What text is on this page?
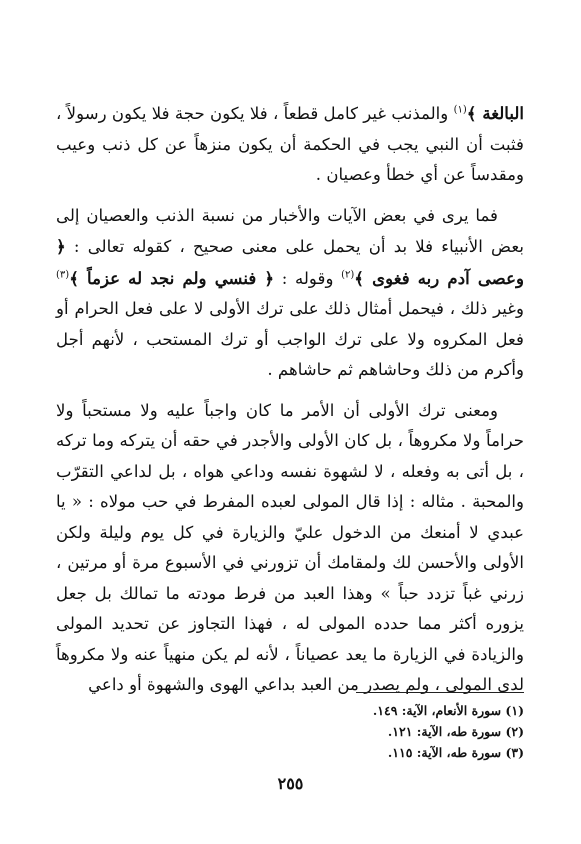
البالغة ﴾$^{(١)}$ والمذنب غير كامل قطعاً ، فلا يكون حجة فلا يكون رسولاً ، فثبت أن النبي يجب في الحكمة أن يكون منزهاً عن كل ذنب وعيب ومقدساً عن أي خطأ وعصيان .

فما يرى في بعض الآيات والأخبار من نسبة الذنب والعصيان إلى بعض الأنبياء فلا بد أن يحمل على معنى صحيح ، كقوله تعالى : ﴿ وعصى آدم ربه فغوى ﴾$^{(٢)}$ وقوله : ﴿ فنسي ولم نجد له عزماً ﴾$^{(٣)}$ وغير ذلك ، فيحمل أمثال ذلك على ترك الأولى لا على فعل الحرام أو فعل المكروه ولا على ترك الواجب أو ترك المستحب ، لأنهم أجل وأكرم من ذلك وحاشاهم ثم حاشاهم .

ومعنى ترك الأولى أن الأمر ما كان واجباً عليه ولا مستحباً ولا حراماً ولا مكروهاً ، بل كان الأولى والأجدر في حقه أن يتركه وما تركه ، بل أتى به وفعله ، لا لشهوة نفسه وداعي هواه ، بل لداعي التقرّب والمحبة . مثاله : إذا قال المولى لعبده المفرط في حب مولاه : « يا عبدي لا أمنعك من الدخول عليّ والزيارة في كل يوم وليلة ولكن الأولى والأحسن لك ولمقامك أن تزورني في الأسبوع مرة أو مرتين ، زرني غباً تزدد حباً » وهذا العبد من فرط مودته ما تمالك بل جعل يزوره أكثر مما حدده المولى له ، فهذا التجاوز عن تحديد المولى والزيادة في الزيارة ما يعد عصياناً ، لأنه لم يكن منهياً عنه ولا مكروهاً لدى المولى ، ولم يصدر من العبد بداعي الهوى والشهوة أو داعي

(١) سورة الأنعام، الآية: ١٤٩.
(٢) سورة طه، الآية: ١٢١.
(٣) سورة طه، الآية: ١١٥.
٢٥٥
